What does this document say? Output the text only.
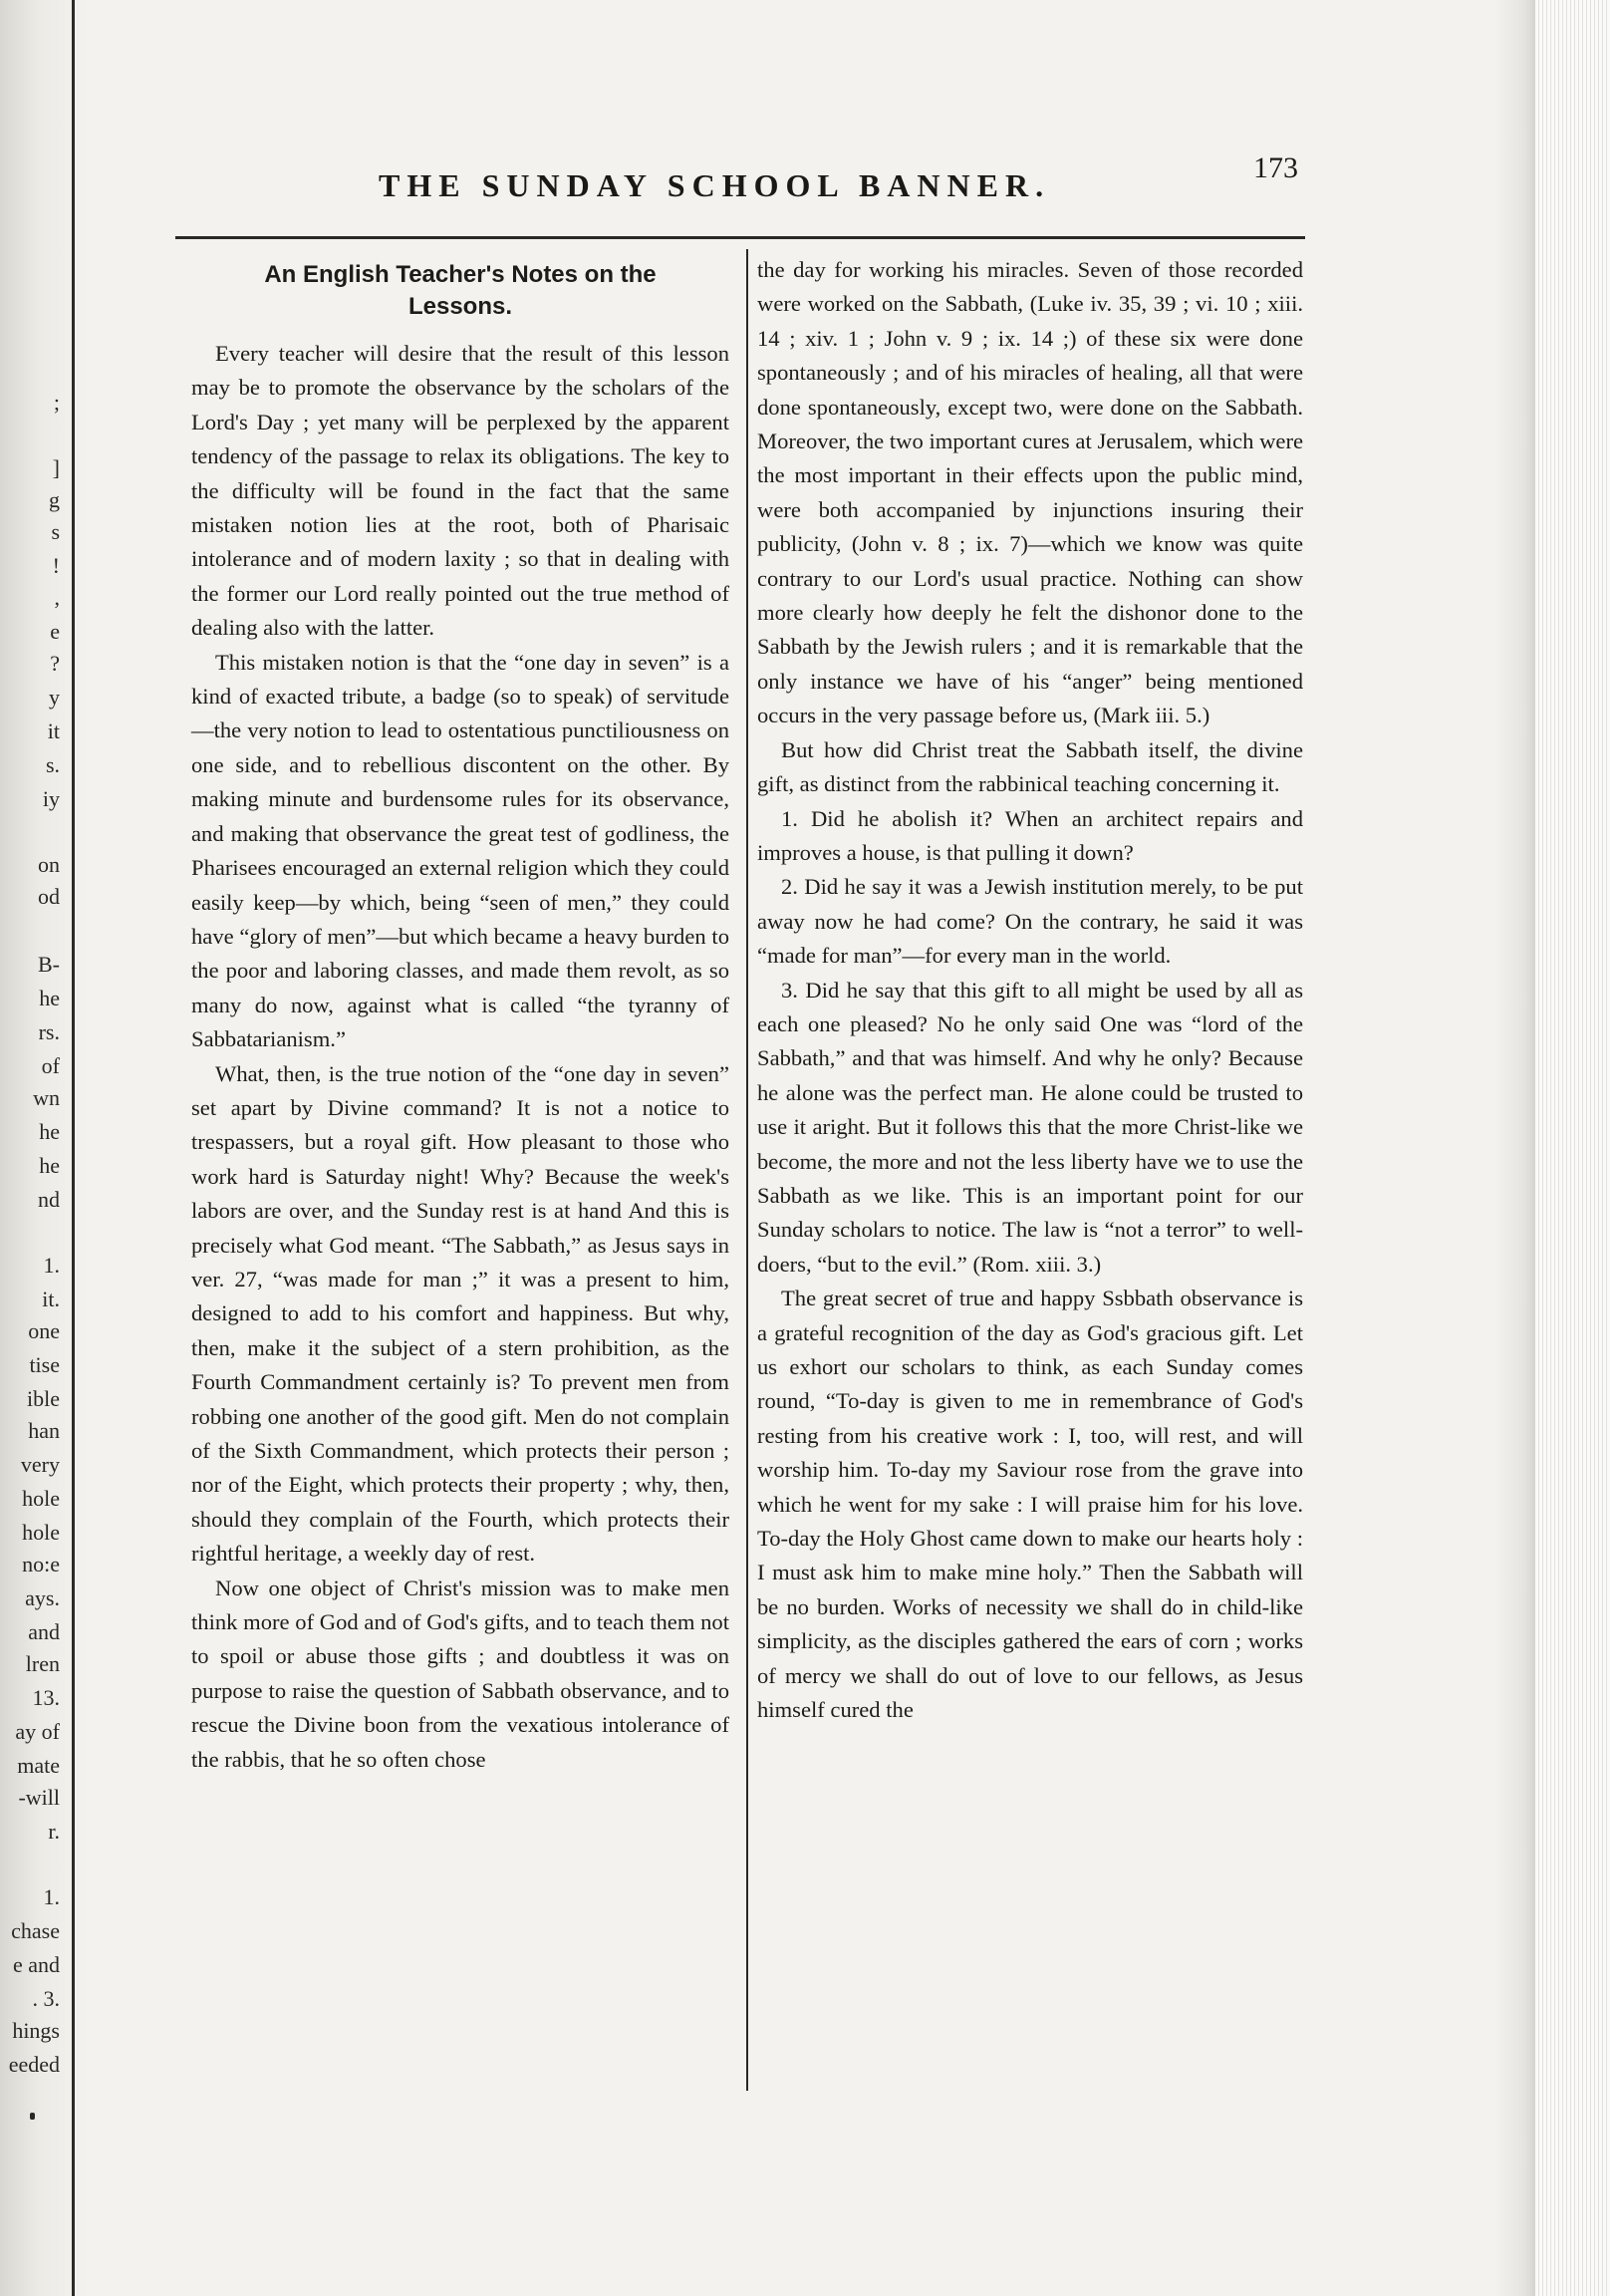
;
]
g
s
!
,
e
?
y
it
s.
iy
on
od
B-
he
rs.
of
wn
he
he
nd
1.
it.
one
tise
ible
han
very
hole
hole
no:e
ays.
and
lren
13.
ay of
mate
-will
r.
1.
chase
e and
. 3.
hings
eeded
THE SUNDAY SCHOOL BANNER.	173
An English Teacher's Notes on the
Lessons.

Every teacher will desire that the result of this lesson may be to promote the observance by the scholars of the Lord's Day ; yet many will be perplexed by the apparent tendency of the passage to relax its obligations. The key to the difficulty will be found in the fact that the same mistaken notion lies at the root, both of Pharisaic intolerance and of modern laxity ; so that in dealing with the former our Lord really pointed out the true method of dealing also with the latter.

This mistaken notion is that the “one day in seven” is a kind of exacted tribute, a badge (so to speak) of servitude—the very notion to lead to ostentatious punctiliousness on one side, and to rebellious discontent on the other. By making minute and burdensome rules for its observance, and making that observance the great test of godliness, the Pharisees encouraged an external religion which they could easily keep—by which, being “seen of men,” they could have “glory of men”—but which became a heavy burden to the poor and laboring classes, and made them revolt, as so many do now, against what is called “the tyranny of Sabbatarianism.”

What, then, is the true notion of the “one day in seven” set apart by Divine command? It is not a notice to trespassers, but a royal gift. How pleasant to those who work hard is Saturday night! Why? Because the week's labors are over, and the Sunday rest is at hand And this is precisely what God meant. “The Sabbath,” as Jesus says in ver. 27, “was made for man ;” it was a present to him, designed to add to his comfort and happiness. But why, then, make it the subject of a stern prohibition, as the Fourth Commandment certainly is? To prevent men from robbing one another of the good gift. Men do not complain of the Sixth Commandment, which protects their person ; nor of the Eight, which protects their property ; why, then, should they complain of the Fourth, which protects their rightful heritage, a weekly day of rest.

Now one object of Christ's mission was to make men think more of God and of God's gifts, and to teach them not to spoil or abuse those gifts ; and doubtless it was on purpose to raise the question of Sabbath observance, and to rescue the Divine boon from the vexatious intolerance of the rabbis, that he so often chose

the day for working his miracles. Seven of those recorded were worked on the Sabbath, (Luke iv. 35, 39 ; vi. 10 ; xiii. 14 ; xiv. 1 ; John v. 9 ; ix. 14 ;) of these six were done spontaneously ; and of his miracles of healing, all that were done spontaneously, except two, were done on the Sabbath. Moreover, the two important cures at Jerusalem, which were the most important in their effects upon the public mind, were both accompanied by injunctions insuring their publicity, (John v. 8 ; ix. 7)—which we know was quite contrary to our Lord's usual practice. Nothing can show more clearly how deeply he felt the dishonor done to the Sabbath by the Jewish rulers ; and it is remarkable that the only instance we have of his “anger” being mentioned occurs in the very passage before us, (Mark iii. 5.)

But how did Christ treat the Sabbath itself, the divine gift, as distinct from the rabbinical teaching concerning it.

1. Did he abolish it? When an architect repairs and improves a house, is that pulling it down?

2. Did he say it was a Jewish institution merely, to be put away now he had come? On the contrary, he said it was “made for man”—for every man in the world.

3. Did he say that this gift to all might be used by all as each one pleased? No he only said One was “lord of the Sabbath,” and that was himself. And why he only? Because he alone was the perfect man. He alone could be trusted to use it aright. But it follows this that the more Christ-like we become, the more and not the less liberty have we to use the Sabbath as we like. This is an important point for our Sunday scholars to notice. The law is “not a terror” to well-doers, “but to the evil.” (Rom. xiii. 3.)

The great secret of true and happy Ssbbath observance is a grateful recognition of the day as God's gracious gift. Let us exhort our scholars to think, as each Sunday comes round, “To-day is given to me in remembrance of God's resting from his creative work : I, too, will rest, and will worship him. To-day my Saviour rose from the grave into which he went for my sake : I will praise him for his love. To-day the Holy Ghost came down to make our hearts holy : I must ask him to make mine holy.” Then the Sabbath will be no burden. Works of necessity we shall do in child-like simplicity, as the disciples gathered the ears of corn ; works of mercy we shall do out of love to our fellows, as Jesus himself cured the
